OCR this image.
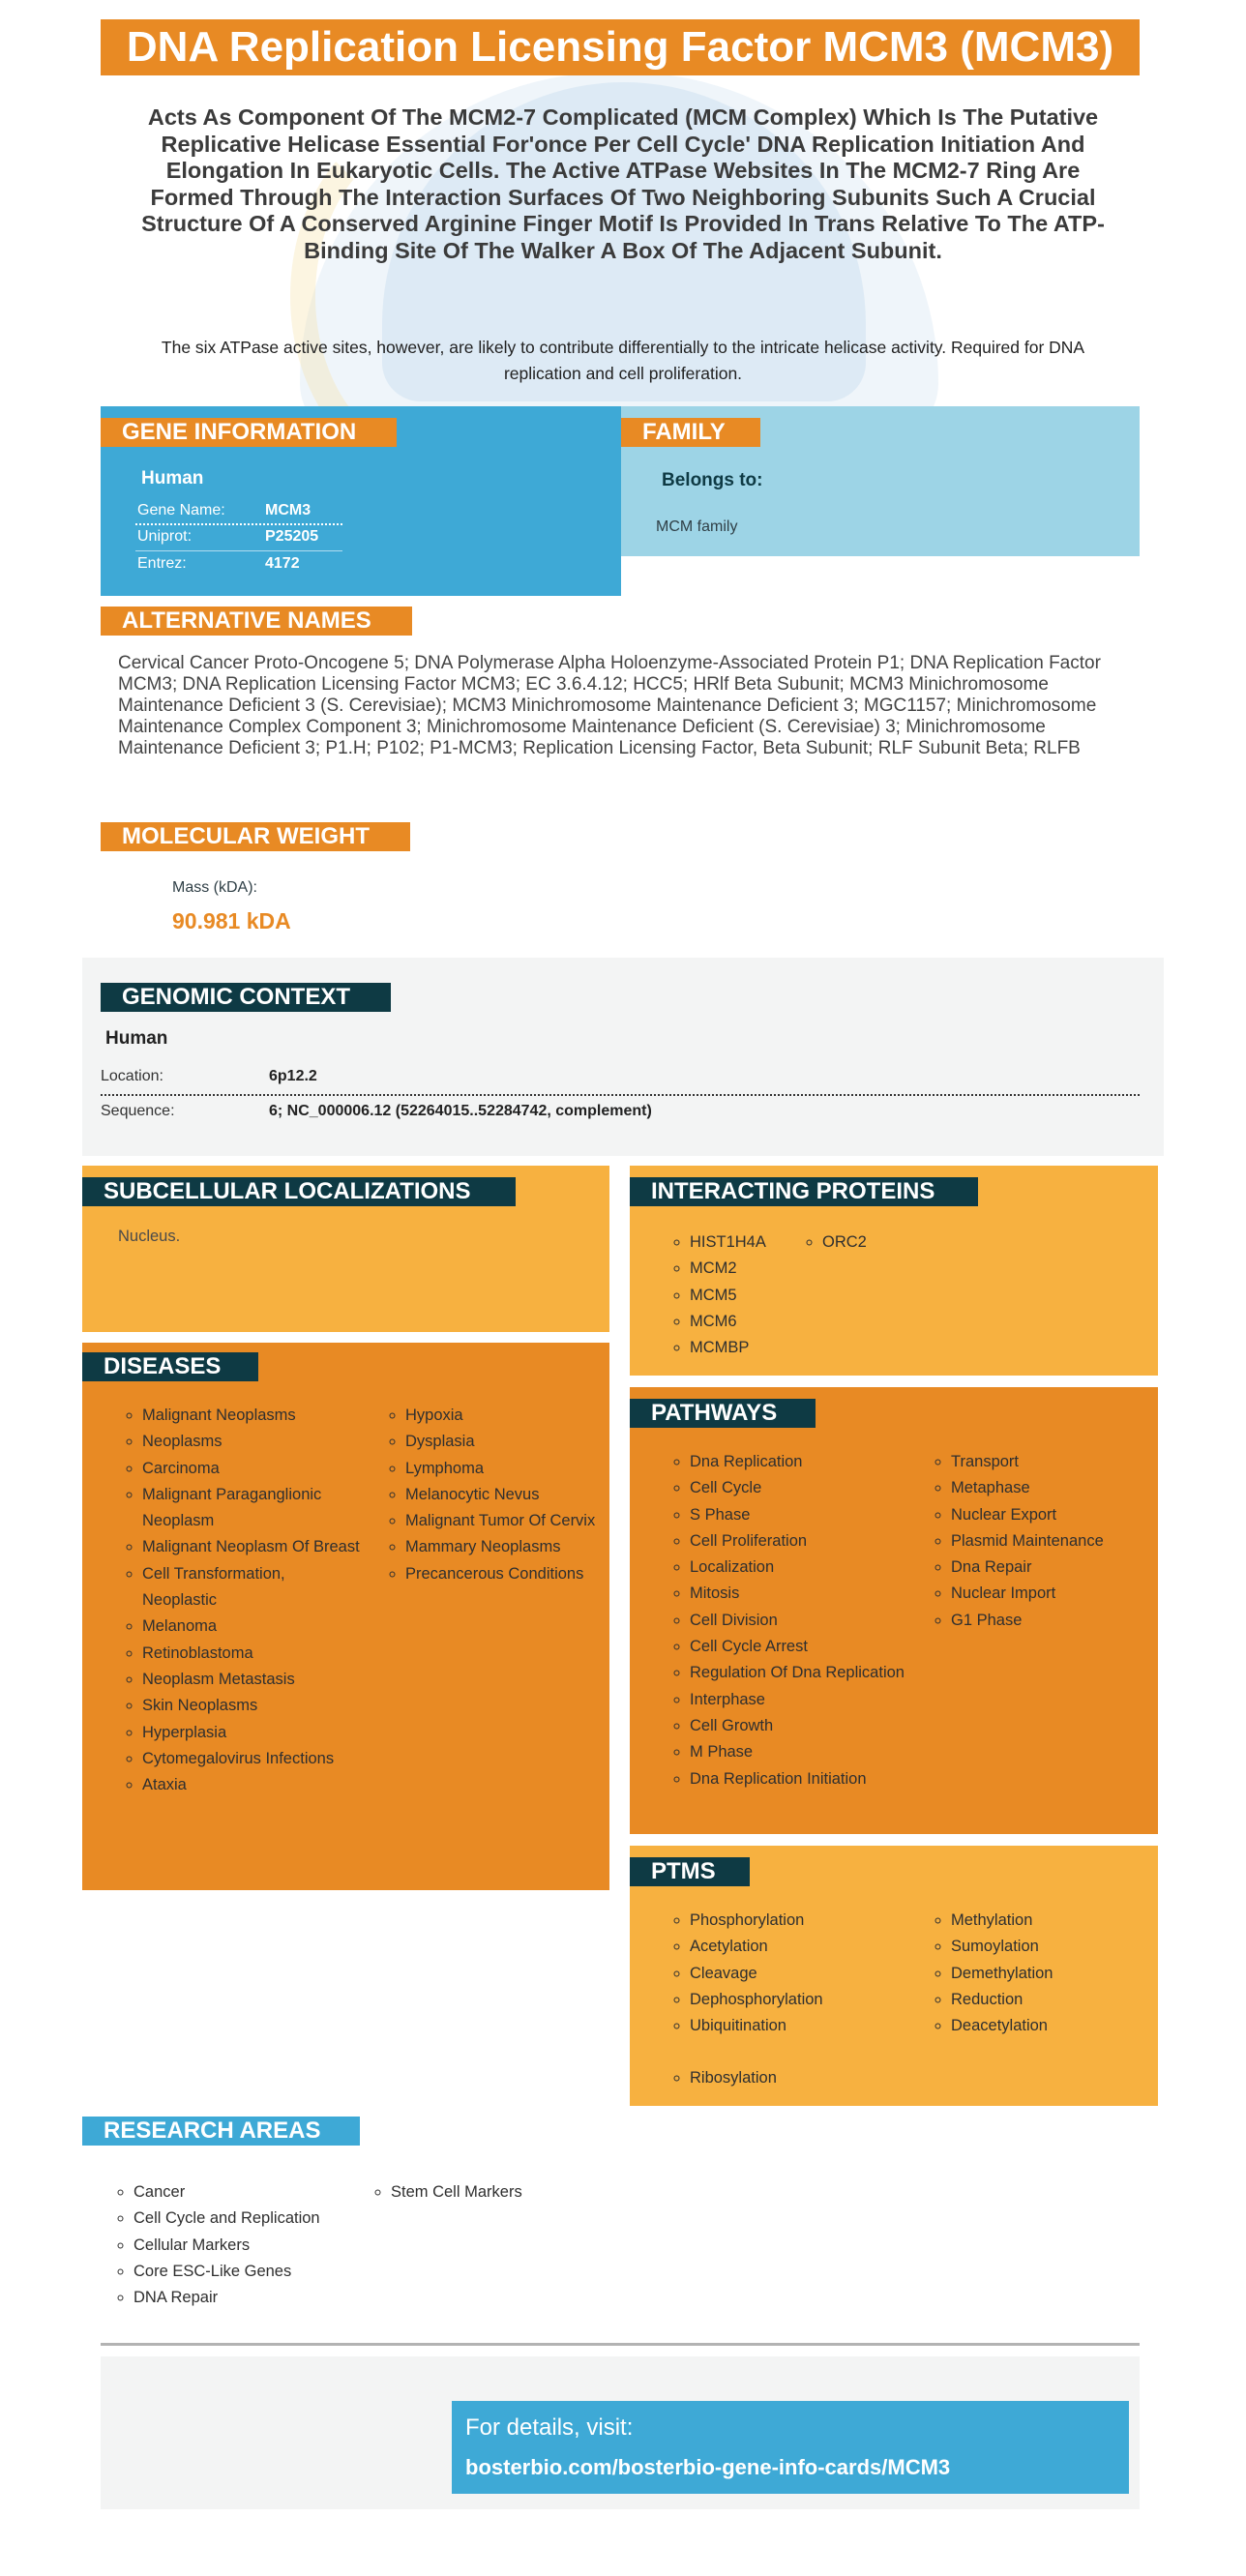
DNA Replication Licensing Factor MCM3 (MCM3)
Acts As Component Of The MCM2-7 Complicated (MCM Complex) Which Is The Putative Replicative Helicase Essential For'once Per Cell Cycle' DNA Replication Initiation And Elongation In Eukaryotic Cells. The Active ATPase Websites In The MCM2-7 Ring Are Formed Through The Interaction Surfaces Of Two Neighboring Subunits Such A Crucial Structure Of A Conserved Arginine Finger Motif Is Provided In Trans Relative To The ATP-Binding Site Of The Walker A Box Of The Adjacent Subunit.
The six ATPase active sites, however, are likely to contribute differentially to the intricate helicase activity. Required for DNA replication and cell proliferation.
GENE INFORMATION
Human
Gene Name:	MCM3
Uniprot:	P25205
Entrez:	4172
FAMILY
Belongs to:
MCM family
ALTERNATIVE NAMES
Cervical Cancer Proto-Oncogene 5; DNA Polymerase Alpha Holoenzyme-Associated Protein P1; DNA Replication Factor MCM3; DNA Replication Licensing Factor MCM3; EC 3.6.4.12; HCC5; HRlf Beta Subunit; MCM3 Minichromosome Maintenance Deficient 3 (S. Cerevisiae); MCM3 Minichromosome Maintenance Deficient 3; MGC1157; Minichromosome Maintenance Complex Component 3; Minichromosome Maintenance Deficient (S. Cerevisiae) 3; Minichromosome Maintenance Deficient 3; P1.H; P102; P1-MCM3; Replication Licensing Factor, Beta Subunit; RLF Subunit Beta; RLFB
MOLECULAR WEIGHT
Mass (kDA):
90.981 kDA
GENOMIC CONTEXT
Human
Location:	6p12.2
Sequence:	6; NC_000006.12 (52264015..52284742, complement)
SUBCELLULAR LOCALIZATIONS
Nucleus.
INTERACTING PROTEINS
◦ HIST1H4A
◦ MCM2
◦ MCM5
◦ MCM6
◦ MCMBP
◦ ORC2
DISEASES
◦ Malignant Neoplasms
◦ Neoplasms
◦ Carcinoma
◦ Malignant Paraganglionic Neoplasm
◦ Malignant Neoplasm Of Breast
◦ Cell Transformation, Neoplastic
◦ Melanoma
◦ Retinoblastoma
◦ Neoplasm Metastasis
◦ Skin Neoplasms
◦ Hyperplasia
◦ Cytomegalovirus Infections
◦ Ataxia
◦ Hypoxia
◦ Dysplasia
◦ Lymphoma
◦ Melanocytic Nevus
◦ Malignant Tumor Of Cervix
◦ Mammary Neoplasms
◦ Precancerous Conditions
PATHWAYS
◦ Dna Replication
◦ Cell Cycle
◦ S Phase
◦ Cell Proliferation
◦ Localization
◦ Mitosis
◦ Cell Division
◦ Cell Cycle Arrest
◦ Regulation Of Dna Replication
◦ Interphase
◦ Cell Growth
◦ M Phase
◦ Dna Replication Initiation
◦ Transport
◦ Metaphase
◦ Nuclear Export
◦ Plasmid Maintenance
◦ Dna Repair
◦ Nuclear Import
◦ G1 Phase
PTMS
◦ Phosphorylation
◦ Acetylation
◦ Cleavage
◦ Dephosphorylation
◦ Ubiquitination
◦ Methylation
◦ Sumoylation
◦ Demethylation
◦ Reduction
◦ Deacetylation
◦ Ribosylation
RESEARCH AREAS
◦ Cancer
◦ Cell Cycle and Replication
◦ Cellular Markers
◦ Core ESC-Like Genes
◦ DNA Repair
◦ Stem Cell Markers
For details, visit:
bosterbio.com/bosterbio-gene-info-cards/MCM3
